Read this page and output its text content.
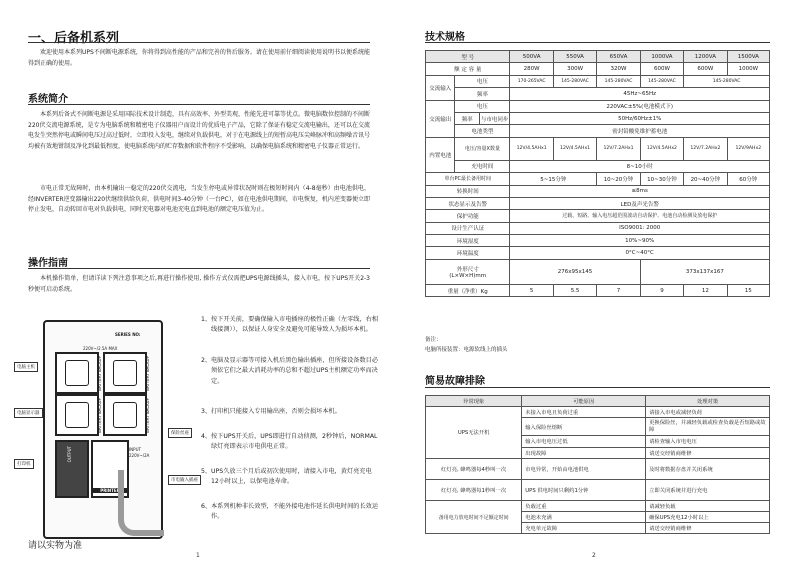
一、后备机系列
欢迎使用本系列UPS不间断电源系统，你将得到高性能的产品和完善的售后服务。请在使用前仔细阅读使用说明书以便系统能得到正确的使用。
系统简介
本系列后备式不间断电源是采用国际技术设计制造，具有高效率、外型美观，性能先进可靠等优点。微电脑数位控制的不间断220伏交流电源系统，是专为电脑系统和精密电子仪器用户而设计的优质电子产品，它除了保证有稳定交流电输出，还可以在交流电发生突然停电或瞬间电压过高过低时，立即投入发电，继续对负载供电，对于在电源线上的短暂高电压尖峰脉冲和高频噪音讯号均被有效地钳制及净化到最低程度，使电脑系统内的贮存数据和软件程序不受影响，以确保电脑系统和精密电子仪器正常运行。
市电正常无故障时，由本机输出一稳定的220伏交流电，当发生停电或异常状况时则在极短时间内（4-8毫秒）由电池供电，经INVERTER逆变器输出220伏继续供给负荷，供电时间3-40分钟（一台PC），如在电池供电期间，市电恢复，机内逆变器便立即停止发电，自动转回市电对负载供电，同时充电器对电池充电直到电池的额定电压值为止。
操作指南
本机操作简单，但请详读下列注意事项之后,再进行操作使用, 操作方式仅需把UPS电源线插头，接入市电，按下UPS开关2-3秒便可启动系统。
SERIES NO:
220V~/2.5A MAX
BATTERY BACKUP
BATTERY BACKUP
BATTERY BACKUP
BATTERY BACKUP
OUTPUT
PRINTER
INPUT
220V~/2A
电脑主机
电脑显示器
打印机
保险丝座
市电输入插座
1、 按下开关前，要确保输入市电插座的极性正确（左零线，右相线接测）），以保证人身安全及避免可能导致人为损坏本机。
2、 电脑及显示器等可接入机后黑色输出插座，但所接设备数目必须依它们之最大消耗功率的总和不超过UPS主机额定功率而决定。
3、 打印机只能接入专用输出座，否则会损坏本机。
4、 按下UPS开关后，UPS即进行自动侦测，2秒钟后，NORMAL绿灯亮即表示市电供电正常。
5、 UPS久放三个月后或初次使用时，请接入市电，黄灯亮充电12小时以上，以保电池寿命。
6、 本系列机种非长效型，不能外接电池作延长供电时间的长效运作。
请以实物为准
1
技术规格
型 号			500VA	550VA	650VA	1000VA	1200VA	1500VA
额 定 容 量			280W	300W	320W	600W	600W	1000W
交流输入	电压		170-265VAC	145-280VAC	145-280VAC	145-280VAC	145-280VAC	
	频率		45Hz~65Hz					
交流输出	电压		220VAC±5%(电池模式下)					
	频率	与市电同步	50Hz/60Hz±1%					
	电池类型		密封铅酸免维护蓄电池					
内置电池	电压/容量X数量		12V/4.5AHx1	12V/4.5AHx1	12V/7.2AHx1	12V/4.5AHx2	12V/7.2AHx2	12V/9AHx2
	充电时间		8~10小时					
单台PC最长备用时间			5~15分钟		10~20分钟	10~30分钟	20~40分钟	60分钟
转换时间			≤8ms					
状态显示及告警			LED及声光告警					
保护功能			过载、短路、输入电压超范围波动自动保护、电池自动检测及放电保护					
设计生产认证			ISO9001: 2000					
环境湿度			10%~90%					
环境温度			0°C~40°C					

外形尺寸
(L×W×H)mm			276x95x145			373x137x167		
重量（净重）Kg			5	5.5	7	9	12	15
备注：
电脑所接装置：电源软线上的插头
简易故障排除
异常现象	可能原因	处理对策
UPS无法开机	未接入市电且负荷过重	请接入市电或减轻负荷
	输入保险丝熔断	更换保险丝，并减轻负载或检查负载是否短路或故障
	输入市电电压过低	请检查输入市电电压
	出现故障	请送交经销商维修
红灯亮, 蜂鸣器每4秒叫一次	市电异常，开始由电池供电	及时将数据存盘并关闭系统
红灯亮, 蜂鸣器每1秒叫一次	UPS 供电时间只剩约1分钟	立即关闭系统并进行充电
备用电力放电时间不足额定时间	负载过重	请减轻负载
	电池未充满	确保UPS充电12小时以上
	充电单元故障	请送交经销商维修
2
